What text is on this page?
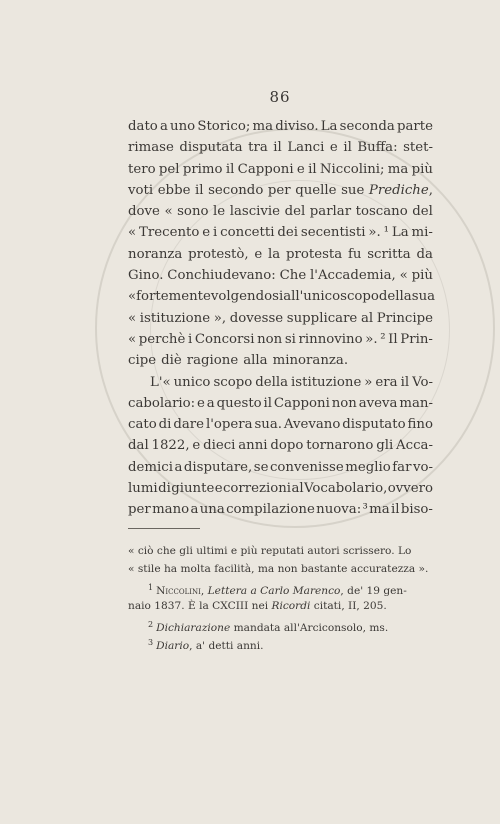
86
dato a uno Storico; ma diviso. La seconda parte
rimase disputata tra il Lanci e il Buffa: stet-
tero pel primo il Capponi e il Niccolini; ma più
voti ebbe il secondo per quelle sue Prediche,
dove « sono le lascivie del parlar toscano del
« Trecento e i concetti dei secentisti ». ¹ La mi-
noranza protestò, e la protesta fu scritta da
Gino. Conchiudevano: Che l'Accademia, « più
« fortemente volgendosi all'unico scopo della sua
« istituzione », dovesse supplicare al Principe
« perchè i Concorsi non si rinnovino ». ² Il Prin-
cipe diè ragione alla minoranza.
L'« unico scopo della istituzione » era il Vo-
cabolario: e a questo il Capponi non aveva man-
cato di dare l'opera sua. Avevano disputato fino
dal 1822, e dieci anni dopo tornarono gli Acca-
demici a disputare, se convenisse meglio far vo-
lumi di giunte e correzioni al Vocabolario, ovvero
per mano a una compilazione nuova: ³ ma il biso-
« ciò che gli ultimi e più reputati autori scrissero. Lo
« stile ha molta facilità, ma non bastante accuratezza ».
$^1$ Niccolini, Lettera a Carlo Marenco, de' 19 gen-
naio 1837. È la CXCIII nei Ricordi citati, II, 205.
$^2$ Dichiarazione mandata all'Arciconsolo, ms.
$^3$ Diario, a' detti anni.
